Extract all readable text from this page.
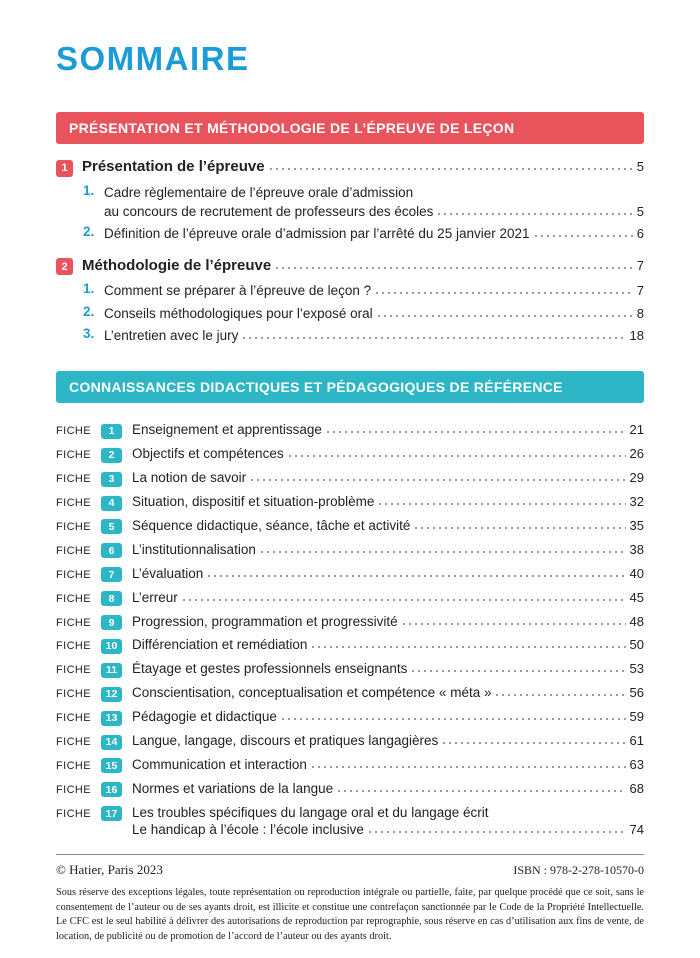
SOMMAIRE
PRÉSENTATION ET MÉTHODOLOGIE DE L’ÉPREUVE DE LEÇON
1 Présentation de l’épreuve	5
1. Cadre règlementaire de l’épreuve orale d’admission
au concours de recrutement de professeurs des écoles	5
2. Définition de l’épreuve orale d’admission par l’arrêté du 25 janvier 2021	6
2 Méthodologie de l’épreuve	7
1. Comment se préparer à l’épreuve de leçon ?	7
2. Conseils méthodologiques pour l’exposé oral	8
3. L’entretien avec le jury	18
CONNAISSANCES DIDACTIQUES ET PÉDAGOGIQUES DE RÉFÉRENCE
FICHE	1	Enseignement et apprentissage	21
FICHE	2	Objectifs et compétences	26
FICHE	3	La notion de savoir	29
FICHE	4	Situation, dispositif et situation-problème	32
FICHE	5	Séquence didactique, séance, tâche et activité	35
FICHE	6	L’institutionnalisation	38
FICHE	7	L’évaluation	40
FICHE	8	L’erreur	45
FICHE	9	Progression, programmation et progressivité	48
FICHE	10	Différenciation et remédiation	50
FICHE	11	Étayage et gestes professionnels enseignants	53
FICHE	12	Conscientisation, conceptualisation et compétence « méta »	56
FICHE	13	Pédagogie et didactique	59
FICHE	14	Langue, langage, discours et pratiques langagières	61
FICHE	15	Communication et interaction	63
FICHE	16	Normes et variations de la langue	68
FICHE	17	Les troubles spécifiques du langage oral et du langage écrit
Le handicap à l’école : l’école inclusive	74
© Hatier, Paris 2023	ISBN : 978-2-278-10570-0
Sous réserve des exceptions légales, toute représentation ou reproduction intégrale ou partielle, faite, par quelque procédé que ce soit, sans le consentement de l’auteur ou de ses ayants droit, est illicite et constitue une contrefaçon sanctionnée par le Code de la Propriété Intellectuelle. Le CFC est le seul habilité à délivrer des autorisations de reproduction par reprographie, sous réserve en cas d’utilisation aux fins de vente, de location, de publicité ou de promotion de l’accord de l’auteur ou des ayants droit.
